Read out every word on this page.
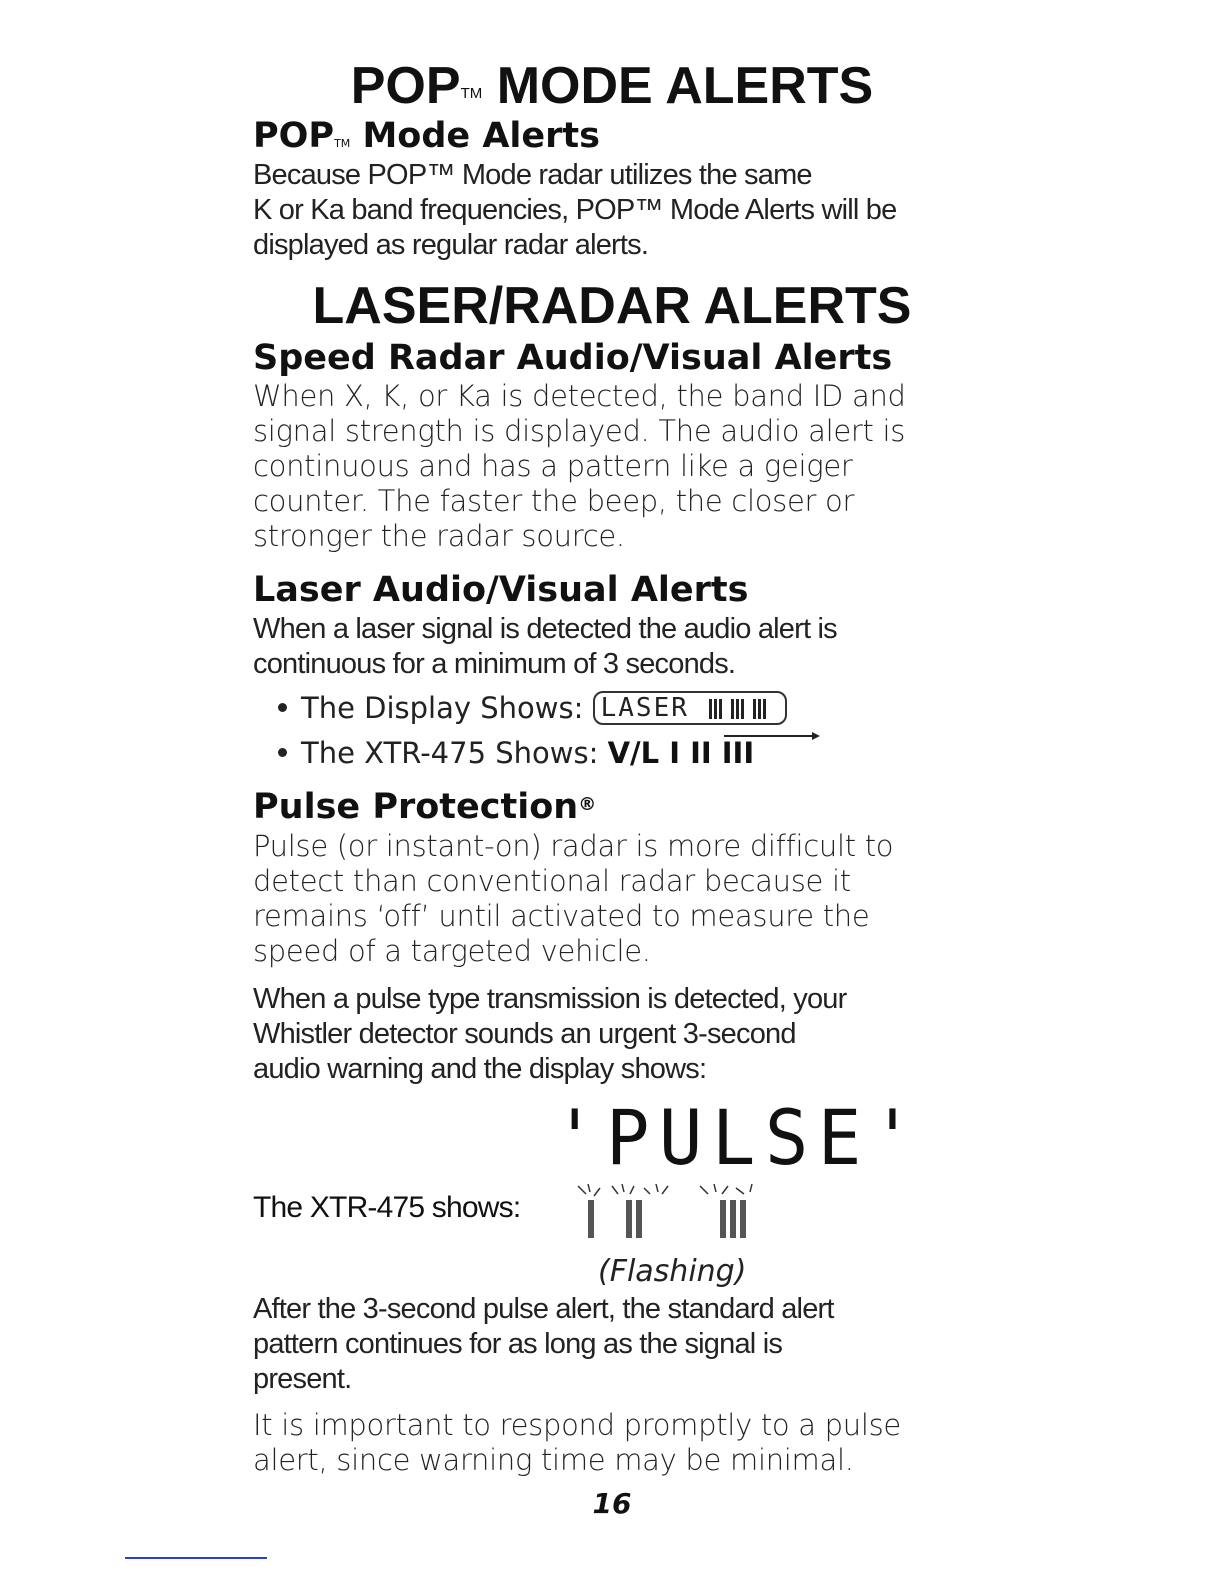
POP™ MODE ALERTS
POP™ Mode Alerts
Because POP™ Mode radar utilizes the same
K or Ka band frequencies, POP™ Mode Alerts will be
displayed as regular radar alerts.
LASER/RADAR ALERTS
Speed Radar Audio/Visual Alerts
When X, K, or Ka is detected, the band ID and
signal strength is displayed. The audio alert is
continuous and has a pattern like a geiger
counter. The faster the beep, the closer or
stronger the radar source.
Laser Audio/Visual Alerts
When a laser signal is detected the audio alert is
continuous for a minimum of 3 seconds.
The Display Shows: LASER
The XTR-475 Shows: V/L I II III
Pulse Protection®
Pulse (or instant-on) radar is more difficult to
detect than conventional radar because it
remains ‘off’ until activated to measure the
speed of a targeted vehicle.
When a pulse type transmission is detected, your
Whistler detector sounds an urgent 3-second
audio warning and the display shows:
'PULSE'
The XTR-475 shows:
(Flashing)
After the 3-second pulse alert, the standard alert
pattern continues for as long as the signal is
present.
It is important to respond promptly to a pulse
alert, since warning time may be minimal.
16
